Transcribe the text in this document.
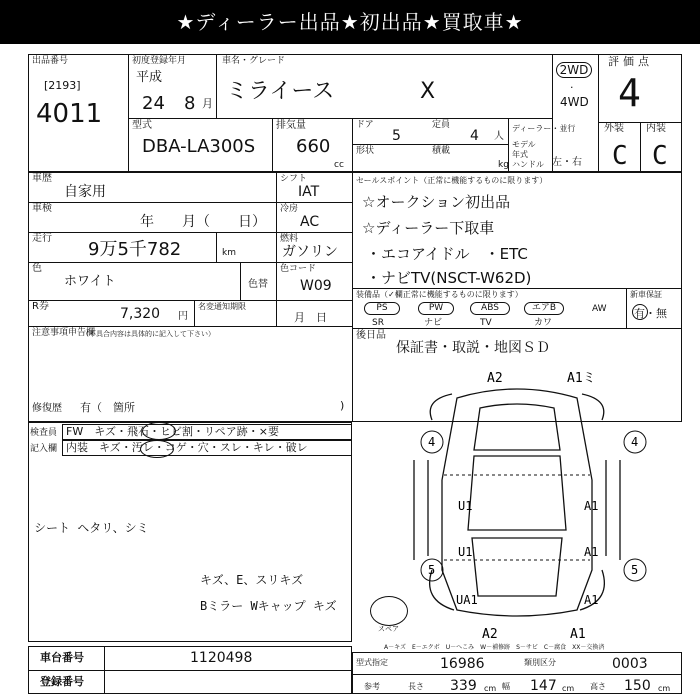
★ディーラー出品★初出品★買取車★
出品番号
[2193]
4011
初度登録年月
平成
24 8 月
車名・グレード
ミライース	X
2WD
·
4WD
評価点
4
外装 内装
C C
型式
DBA-LA300S
排気量
660
cc
ドア
5
定員
4 人
形状	積載
kg
ディーラー・並行
モデル年式
ハンドル 左・右
車歴
自家用
車検
年　　月（　　日）
走行
9万5千782	km
色
ホワイト	色替
R券	7,320 円
名変通知期限
月　日
シフト
IAT
冷房
AC
燃料
ガソリン
色コード
W09
セールスポイント（正常に機能するものに限ります）
☆オークション初出品
☆ディーラー下取車
・エコアイドル　・ETC
・ナビTV(NSCT-W62D)
装備品（✓欄正常に機能するものに限ります）
PS	PW	ABS	エアB	AW
SR	ナビ	TV	カワ
新車保証
有・無
後日品
保証書・取説・地図ＳＤ
注意事項申告欄
（不具合内容は具体的に記入して下さい）
修復歴 有（　箇所	)
検査員
記入欄
FW　キズ・飛石・ヒビ割・リペア跡・×要
内装　キズ・汚レ・コゲ・穴・スレ・キレ・破レ
シート ヘタリ、シミ
キズ、E、スリキズ
Bミラー Wキャップ キズ
スペア
A2	A1ミ
A2	A1
4	4
5	5
U1	A1
U1	A1
UA1	A1
A－キズ　E－エクボ　U－へこみ　W－補修跡　S－サビ　C－腐食　XX－交換済
車台番号	1120498
登録番号
型式指定	16986	類別区分	0003
参考	長さ 339 cm 幅 147 cm 高さ 150 cm
